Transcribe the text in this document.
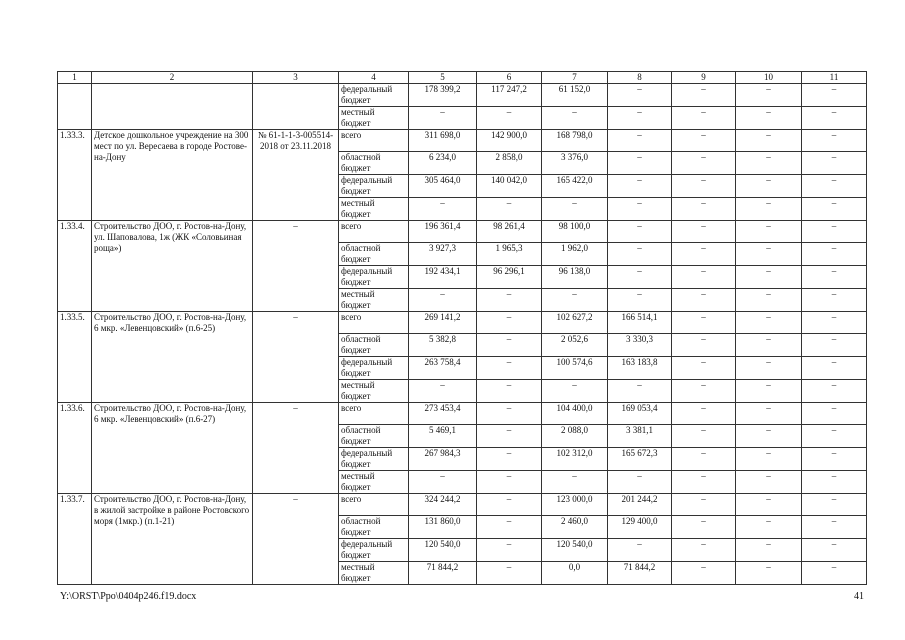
1	2	3	4	5	6	7	8	9	10	11
			федеральный бюджет	178 399,2	117 247,2	61 152,0	–	–	–	–
			местный бюджет	–	–	–	–	–	–	–
1.33.3.	Детское дошкольное учреждение на 300 мест по ул. Вересаева в городе Ростове-на-Дону	№ 61-1-1-3-005514-2018 от 23.11.2018	всего	311 698,0	142 900,0	168 798,0	–	–	–	–
			областной бюджет	6 234,0	2 858,0	3 376,0	–	–	–	–
			федеральный бюджет	305 464,0	140 042,0	165 422,0	–	–	–	–
			местный бюджет	–	–	–	–	–	–	–
1.33.4.	Строительство ДОО, г. Ростов-на-Дону, ул. Шаповалова, 1ж (ЖК «Соловьиная роща»)	–	всего	196 361,4	98 261,4	98 100,0	–	–	–	–
			областной бюджет	3 927,3	1 965,3	1 962,0	–	–	–	–
			федеральный бюджет	192 434,1	96 296,1	96 138,0	–	–	–	–
			местный бюджет	–	–	–	–	–	–	–
1.33.5.	Строительство ДОО, г. Ростов-на-Дону, 6 мкр. «Левенцовский» (п.6-25)	–	всего	269 141,2	–	102 627,2	166 514,1	–	–	–
			областной бюджет	5 382,8	–	2 052,6	3 330,3	–	–	–
			федеральный бюджет	263 758,4	–	100 574,6	163 183,8	–	–	–
			местный бюджет	–	–	–	–	–	–	–
1.33.6.	Строительство ДОО, г. Ростов-на-Дону, 6 мкр. «Левенцовский» (п.6-27)	–	всего	273 453,4	–	104 400,0	169 053,4	–	–	–
			областной бюджет	5 469,1	–	2 088,0	3 381,1	–	–	–
			федеральный бюджет	267 984,3	–	102 312,0	165 672,3	–	–	–
			местный бюджет	–	–	–	–	–	–	–
1.33.7.	Строительство ДОО, г. Ростов-на-Дону, в жилой застройке в районе Ростовского моря (1мкр.) (п.1-21)	–	всего	324 244,2	–	123 000,0	201 244,2	–	–	–
			областной бюджет	131 860,0	–	2 460,0	129 400,0	–	–	–
			федеральный бюджет	120 540,0	–	120 540,0	–	–	–	–
			местный бюджет	71 844,2	–	0,0	71 844,2	–	–	–
Y:\ORST\Ppo\0404p246.f19.docx	41
